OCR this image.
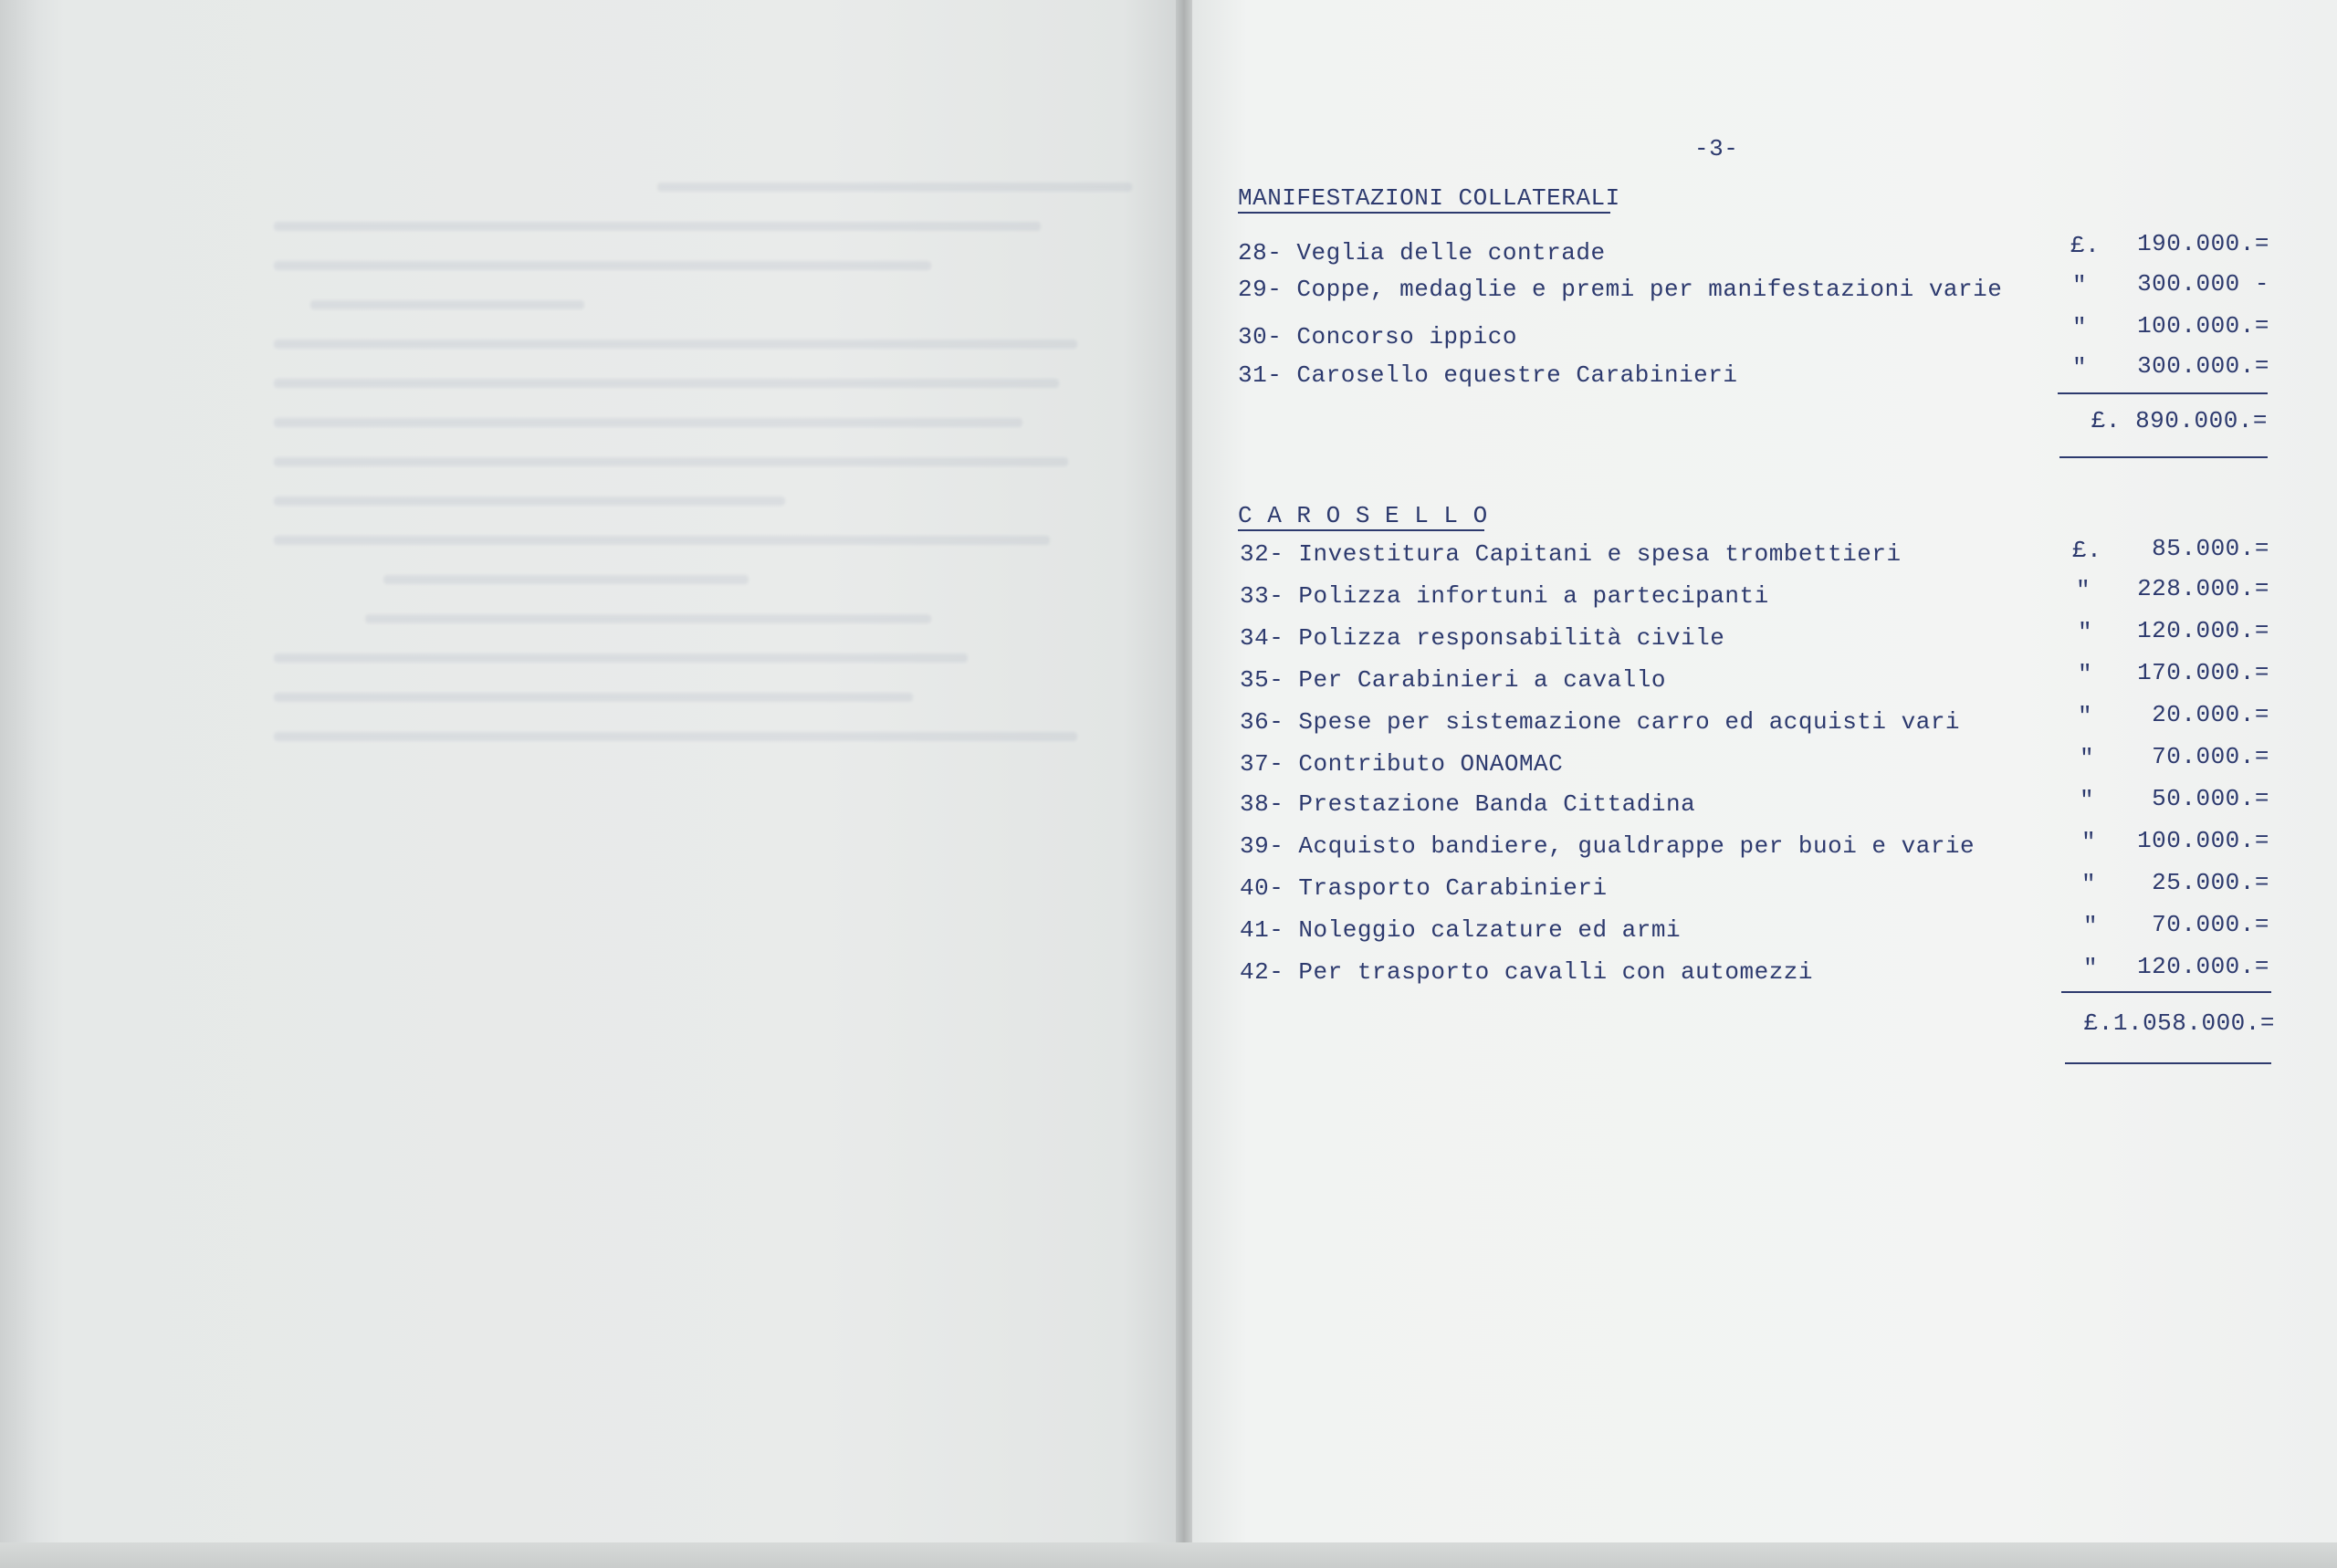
-3-
MANIFESTAZIONI COLLATERALI
28- Veglia delle contrade	£.	190.000.=
29- Coppe, medaglie e premi per manifestazioni varie	"	300.000 -
30- Concorso ippico	"	100.000.=
31- Carosello equestre Carabinieri	"	300.000.=
£. 890.000.=
C A R O S E L L O
32- Investitura Capitani e spesa trombettieri	£.	85.000.=
33- Polizza infortuni a partecipanti	"	228.000.=
34- Polizza responsabilità civile	"	120.000.=
35- Per Carabinieri a cavallo	"	170.000.=
36- Spese per sistemazione carro ed acquisti vari	"	20.000.=
37- Contributo ONAOMAC	"	70.000.=
38- Prestazione Banda Cittadina	"	50.000.=
39- Acquisto bandiere, gualdrappe per buoi e varie	"	100.000.=
40- Trasporto Carabinieri	"	25.000.=
41- Noleggio calzature ed armi	"	70.000.=
42- Per trasporto cavalli con automezzi	"	120.000.=
£.1.058.000.=
